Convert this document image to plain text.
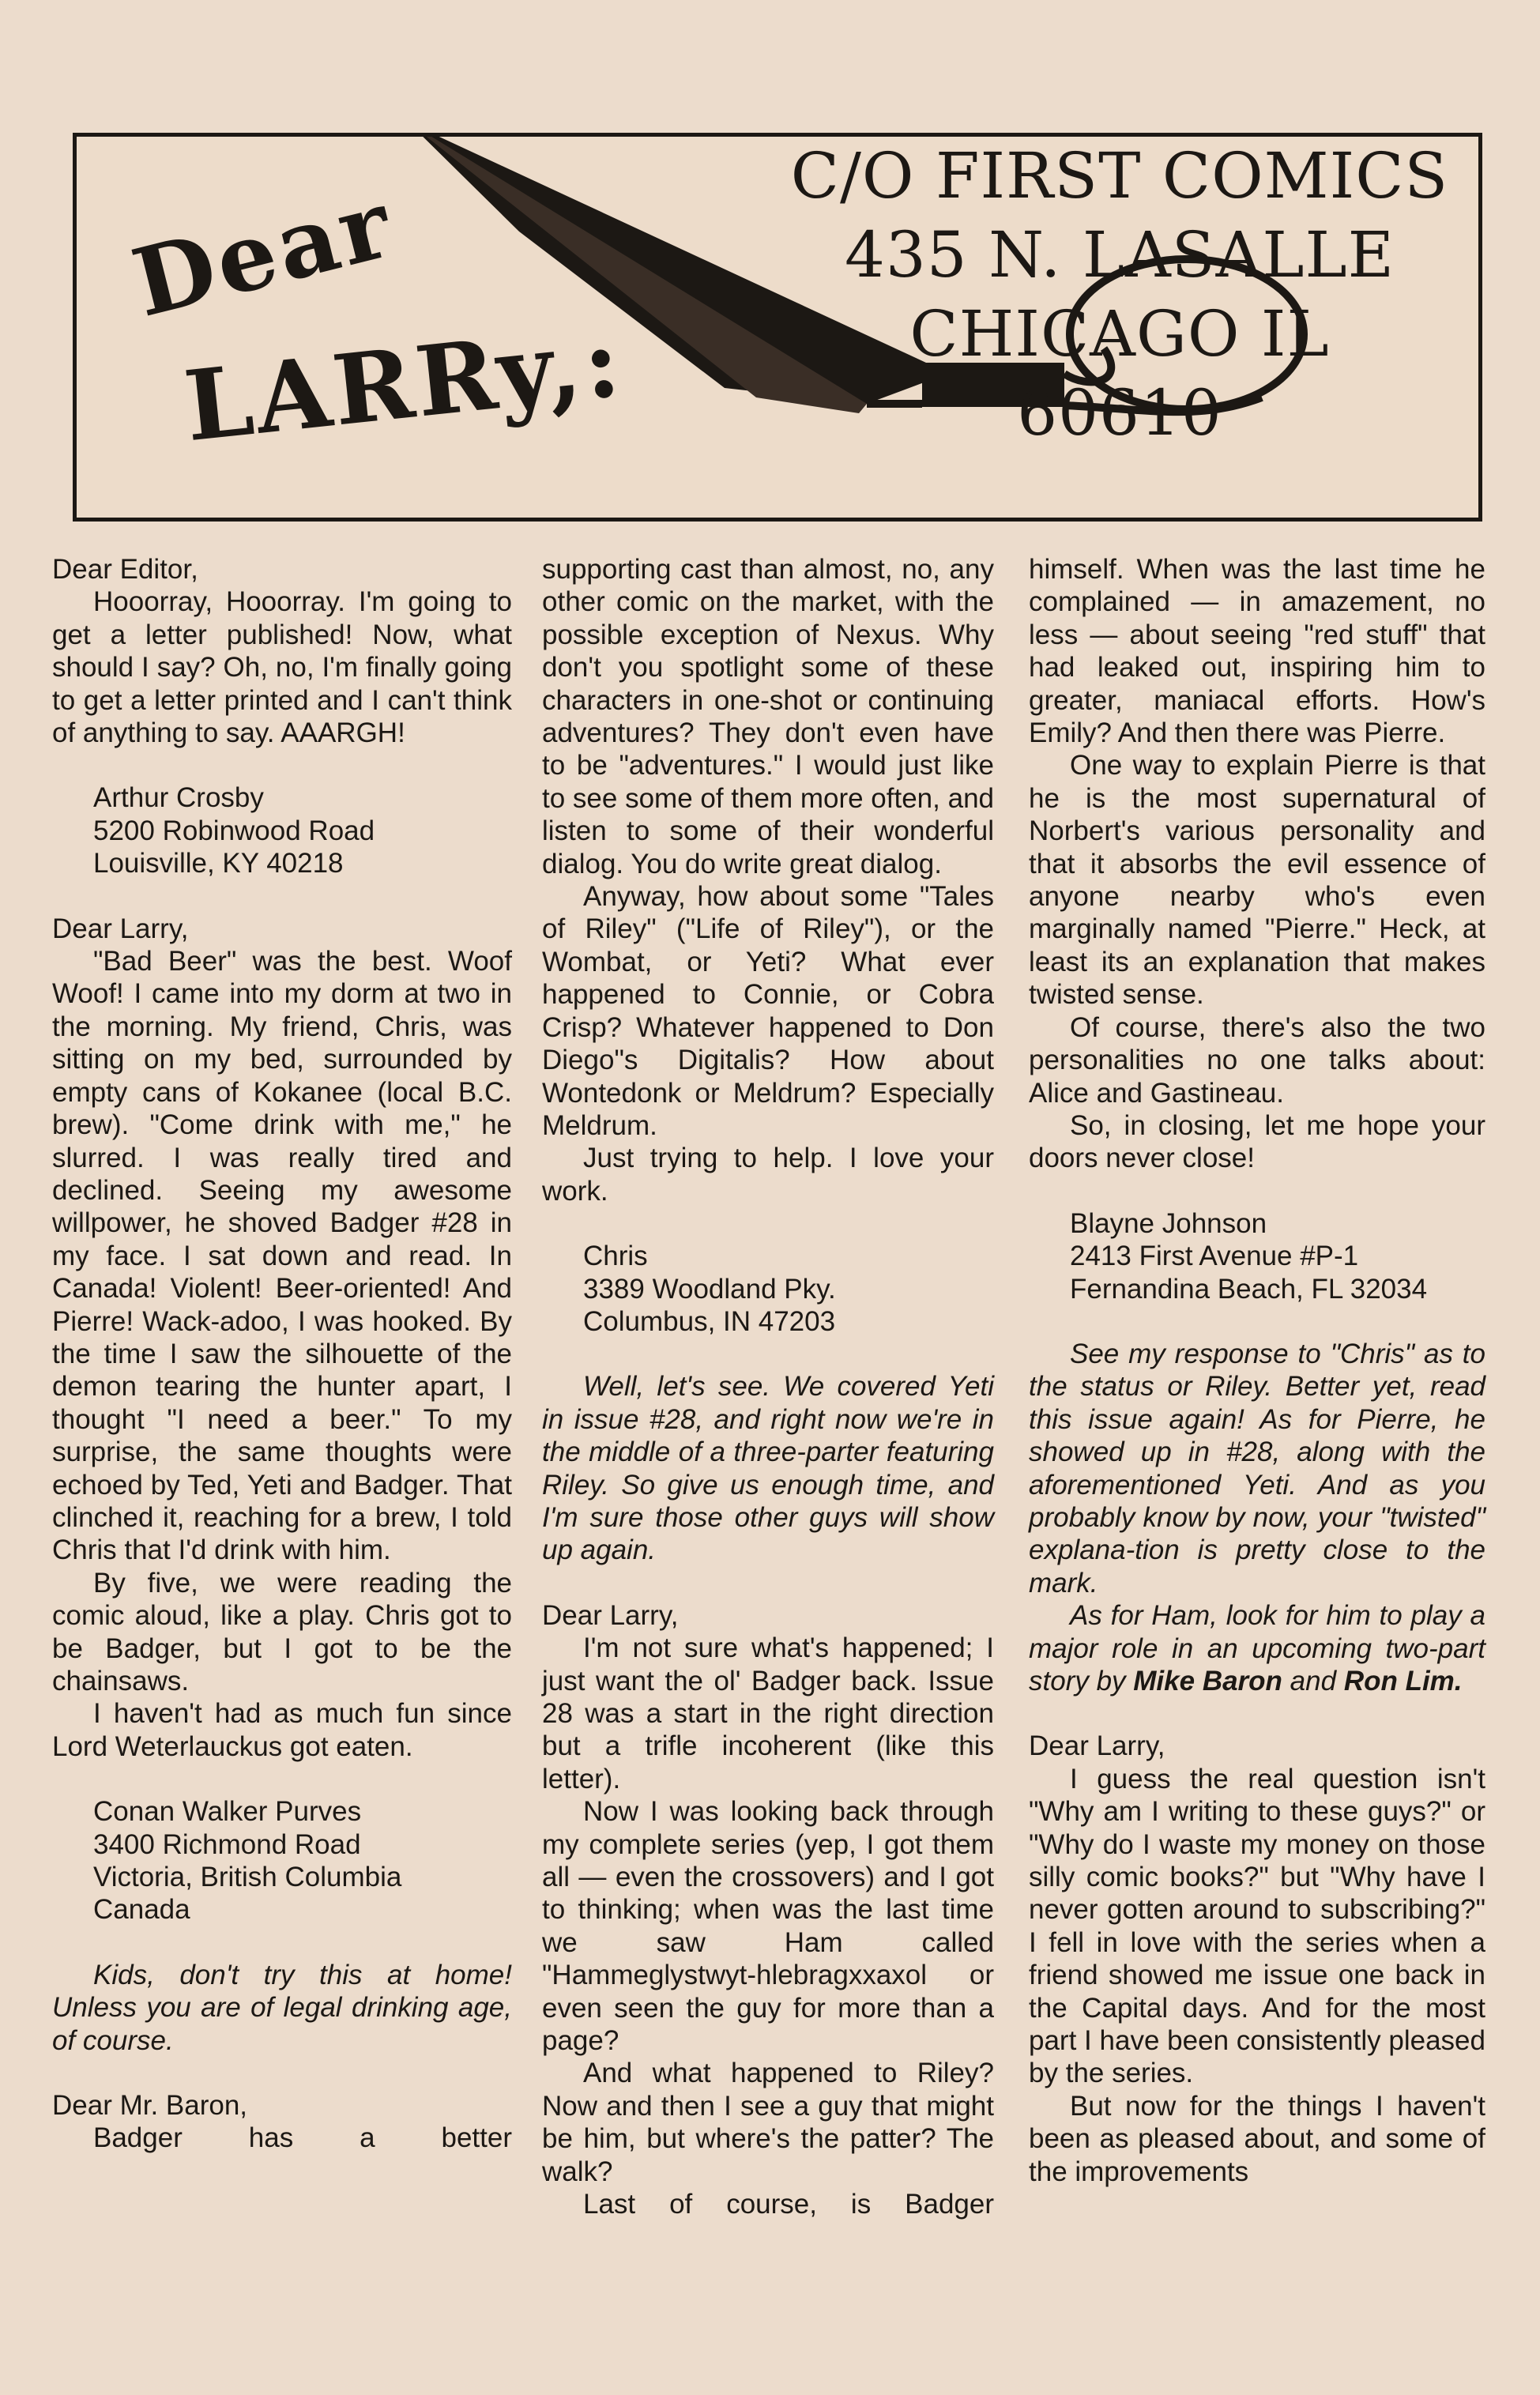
Dear
LARRy,:
C/O FIRST COMICS
435 N. LASALLE
CHICAGO IL
60610

Dear Editor,

Hooorray, Hooorray. I'm going to get a letter published! Now, what should I say? Oh, no, I'm finally going to get a letter printed and I can't think of anything to say. AAARGH!

Arthur Crosby
5200 Robinwood Road
Louisville, KY 40218

Dear Larry,

"Bad Beer" was the best. Woof Woof! I came into my dorm at two in the morning. My friend, Chris, was sitting on my bed, surrounded by empty cans of Kokanee (local B.C. brew). "Come drink with me," he slurred. I was really tired and declined. Seeing my awesome willpower, he shoved Badger #28 in my face. I sat down and read. In Canada! Violent! Beer-oriented! And Pierre! Wack-adoo, I was hooked. By the time I saw the silhouette of the demon tearing the hunter apart, I thought "I need a beer." To my surprise, the same thoughts were echoed by Ted, Yeti and Badger. That clinched it, reaching for a brew, I told Chris that I'd drink with him.

By five, we were reading the comic aloud, like a play. Chris got to be Badger, but I got to be the chainsaws.

I haven't had as much fun since Lord Weterlauckus got eaten.

Conan Walker Purves
3400 Richmond Road
Victoria, British Columbia
Canada

Kids, don't try this at home! Unless you are of legal drinking age, of course.

Dear Mr. Baron,

Badger has a better

supporting cast than almost, no, any other comic on the market, with the possible exception of Nexus. Why don't you spotlight some of these characters in one-shot or continuing adventures? They don't even have to be "adventures." I would just like to see some of them more often, and listen to some of their wonderful dialog. You do write great dialog.

Anyway, how about some "Tales of Riley" ("Life of Riley"), or the Wombat, or Yeti? What ever happened to Connie, or Cobra Crisp? Whatever happened to Don Diego"s Digitalis? How about Wontedonk or Meldrum? Especially Meldrum.

Just trying to help. I love your work.

Chris
3389 Woodland Pky.
Columbus, IN 47203

Well, let's see. We covered Yeti in issue #28, and right now we're in the middle of a three-parter featuring Riley. So give us enough time, and I'm sure those other guys will show up again.

Dear Larry,

I'm not sure what's happened; I just want the ol' Badger back. Issue 28 was a start in the right direction but a trifle incoherent (like this letter).

Now I was looking back through my complete series (yep, I got them all — even the crossovers) and I got to thinking; when was the last time we saw Ham called "Hammeglystwyt-hlebragxxaxol or even seen the guy for more than a page?

And what happened to Riley? Now and then I see a guy that might be him, but where's the patter? The walk?

Last of course, is Badger

himself. When was the last time he complained — in amazement, no less — about seeing "red stuff" that had leaked out, inspiring him to greater, maniacal efforts. How's Emily? And then there was Pierre.

One way to explain Pierre is that he is the most supernatural of Norbert's various personality and that it absorbs the evil essence of anyone nearby who's even marginally named "Pierre." Heck, at least its an explanation that makes twisted sense.

Of course, there's also the two personalities no one talks about: Alice and Gastineau.

So, in closing, let me hope your doors never close!

Blayne Johnson
2413 First Avenue #P-1
Fernandina Beach, FL 32034

See my response to "Chris" as to the status or Riley. Better yet, read this issue again! As for Pierre, he showed up in #28, along with the aforementioned Yeti. And as you probably know by now, your "twisted" explana-tion is pretty close to the mark.

As for Ham, look for him to play a major role in an upcoming two-part story by Mike Baron and Ron Lim.

Dear Larry,

I guess the real question isn't "Why am I writing to these guys?" or "Why do I waste my money on those silly comic books?" but "Why have I never gotten around to subscribing?" I fell in love with the series when a friend showed me issue one back in the Capital days. And for the most part I have been consistently pleased by the series.

But now for the things I haven't been as pleased about, and some of the improvements
